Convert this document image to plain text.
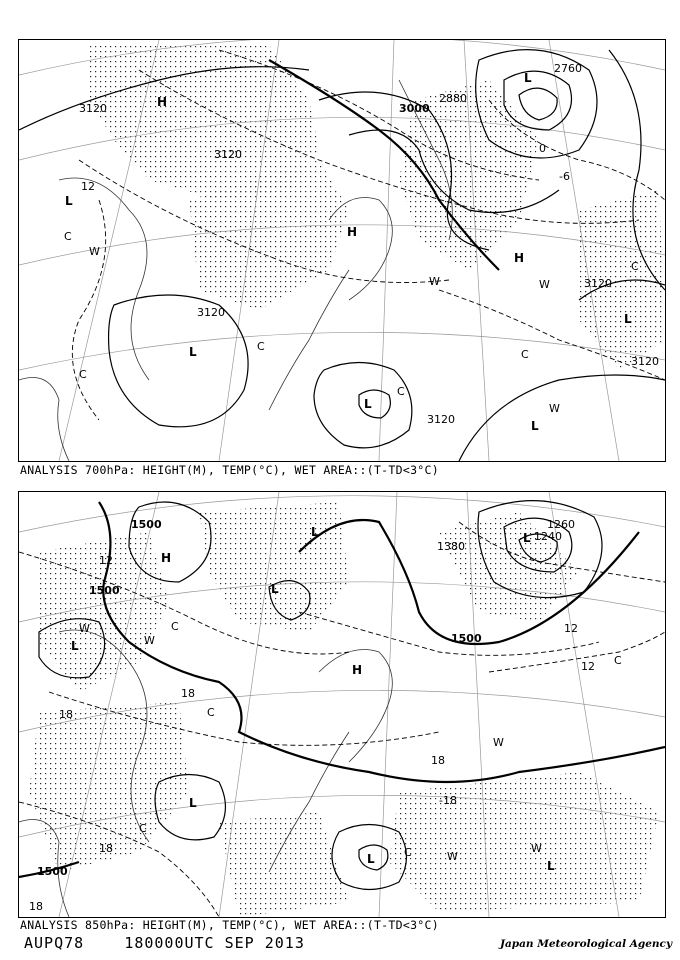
3120
3120
3000
2880
2760
3120
3120
3120
3120
12
0
-6
H
H
H
L
L
L
L
L
L
C
W
C
W
C
C
W
C
C
W
ANALYSIS 700hPa: HEIGHT(M), TEMP(°C), WET AREA::(T-TD<3°C)
1500
1500
1380
1260
1500
1500
1240
12
18
18
18
12
12
18
-18
18
H
H
L
L
L
L
L	L
L
W
C
C
W
W
C
C	W
W
C
ANALYSIS 850hPa: HEIGHT(M), TEMP(°C), WET AREA::(T-TD<3°C)
AUPQ78	180000UTC SEP 2013	Japan Meteorological Agency
